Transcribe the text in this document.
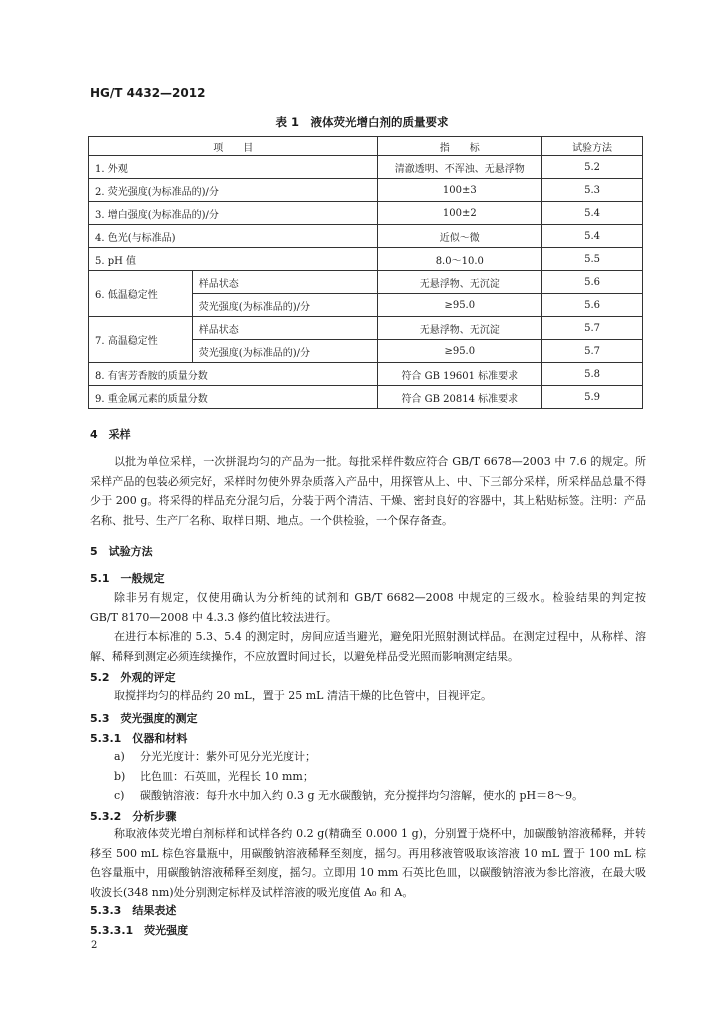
HG/T 4432—2012
表 1　液体荧光增白剂的质量要求
项　　目		指　　标	试验方法
1. 外观		清澈透明、不浑浊、无悬浮物	5.2
2. 荧光强度(为标准品的)/分		100±3	5.3
3. 增白强度(为标准品的)/分		100±2	5.4
4. 色光(与标准品)		近似～微	5.4
5. pH 值		8.0～10.0	5.5
6. 低温稳定性	样品状态	无悬浮物、无沉淀	5.6
	荧光强度(为标准品的)/分	≥95.0	5.6
7. 高温稳定性	样品状态	无悬浮物、无沉淀	5.7
	荧光强度(为标准品的)/分	≥95.0	5.7
8. 有害芳香胺的质量分数		符合 GB 19601 标准要求	5.8
9. 重金属元素的质量分数		符合 GB 20814 标准要求	5.9
4　采样
以批为单位采样，一次拼混均匀的产品为一批。每批采样件数应符合 GB/T 6678—2003 中 7.6 的规定。所采样产品的包装必须完好，采样时勿使外界杂质落入产品中，用探管从上、中、下三部分采样，所采样品总量不得少于 200 g。将采得的样品充分混匀后，分装于两个清洁、干燥、密封良好的容器中，其上粘贴标签。注明：产品名称、批号、生产厂名称、取样日期、地点。一个供检验，一个保存备查。
5　试验方法
5.1　一般规定
除非另有规定，仅使用确认为分析纯的试剂和 GB/T 6682—2008 中规定的三级水。检验结果的判定按 GB/T 8170—2008 中 4.3.3 修约值比较法进行。
在进行本标准的 5.3、5.4 的测定时，房间应适当避光，避免阳光照射测试样品。在测定过程中，从称样、溶解、稀释到测定必须连续操作，不应放置时间过长，以避免样品受光照而影响测定结果。
5.2　外观的评定
取搅拌均匀的样品约 20 mL，置于 25 mL 清洁干燥的比色管中，目视评定。
5.3　荧光强度的测定
5.3.1　仪器和材料
a) 分光光度计：紫外可见分光光度计；
b) 比色皿：石英皿，光程长 10 mm；
c) 碳酸钠溶液：每升水中加入约 0.3 g 无水碳酸钠，充分搅拌均匀溶解，使水的 pH＝8～9。
5.3.2　分析步骤
称取液体荧光增白剂标样和试样各约 0.2 g(精确至 0.000 1 g)，分别置于烧杯中，加碳酸钠溶液稀释，并转移至 500 mL 棕色容量瓶中，用碳酸钠溶液稀释至刻度，摇匀。再用移液管吸取该溶液 10 mL 置于 100 mL 棕色容量瓶中，用碳酸钠溶液稀释至刻度，摇匀。立即用 10 mm 石英比色皿，以碳酸钠溶液为参比溶液，在最大吸收波长(348 nm)处分别测定标样及试样溶液的吸光度值 A₀ 和 A。
5.3.3　结果表述
5.3.3.1　荧光强度
2
